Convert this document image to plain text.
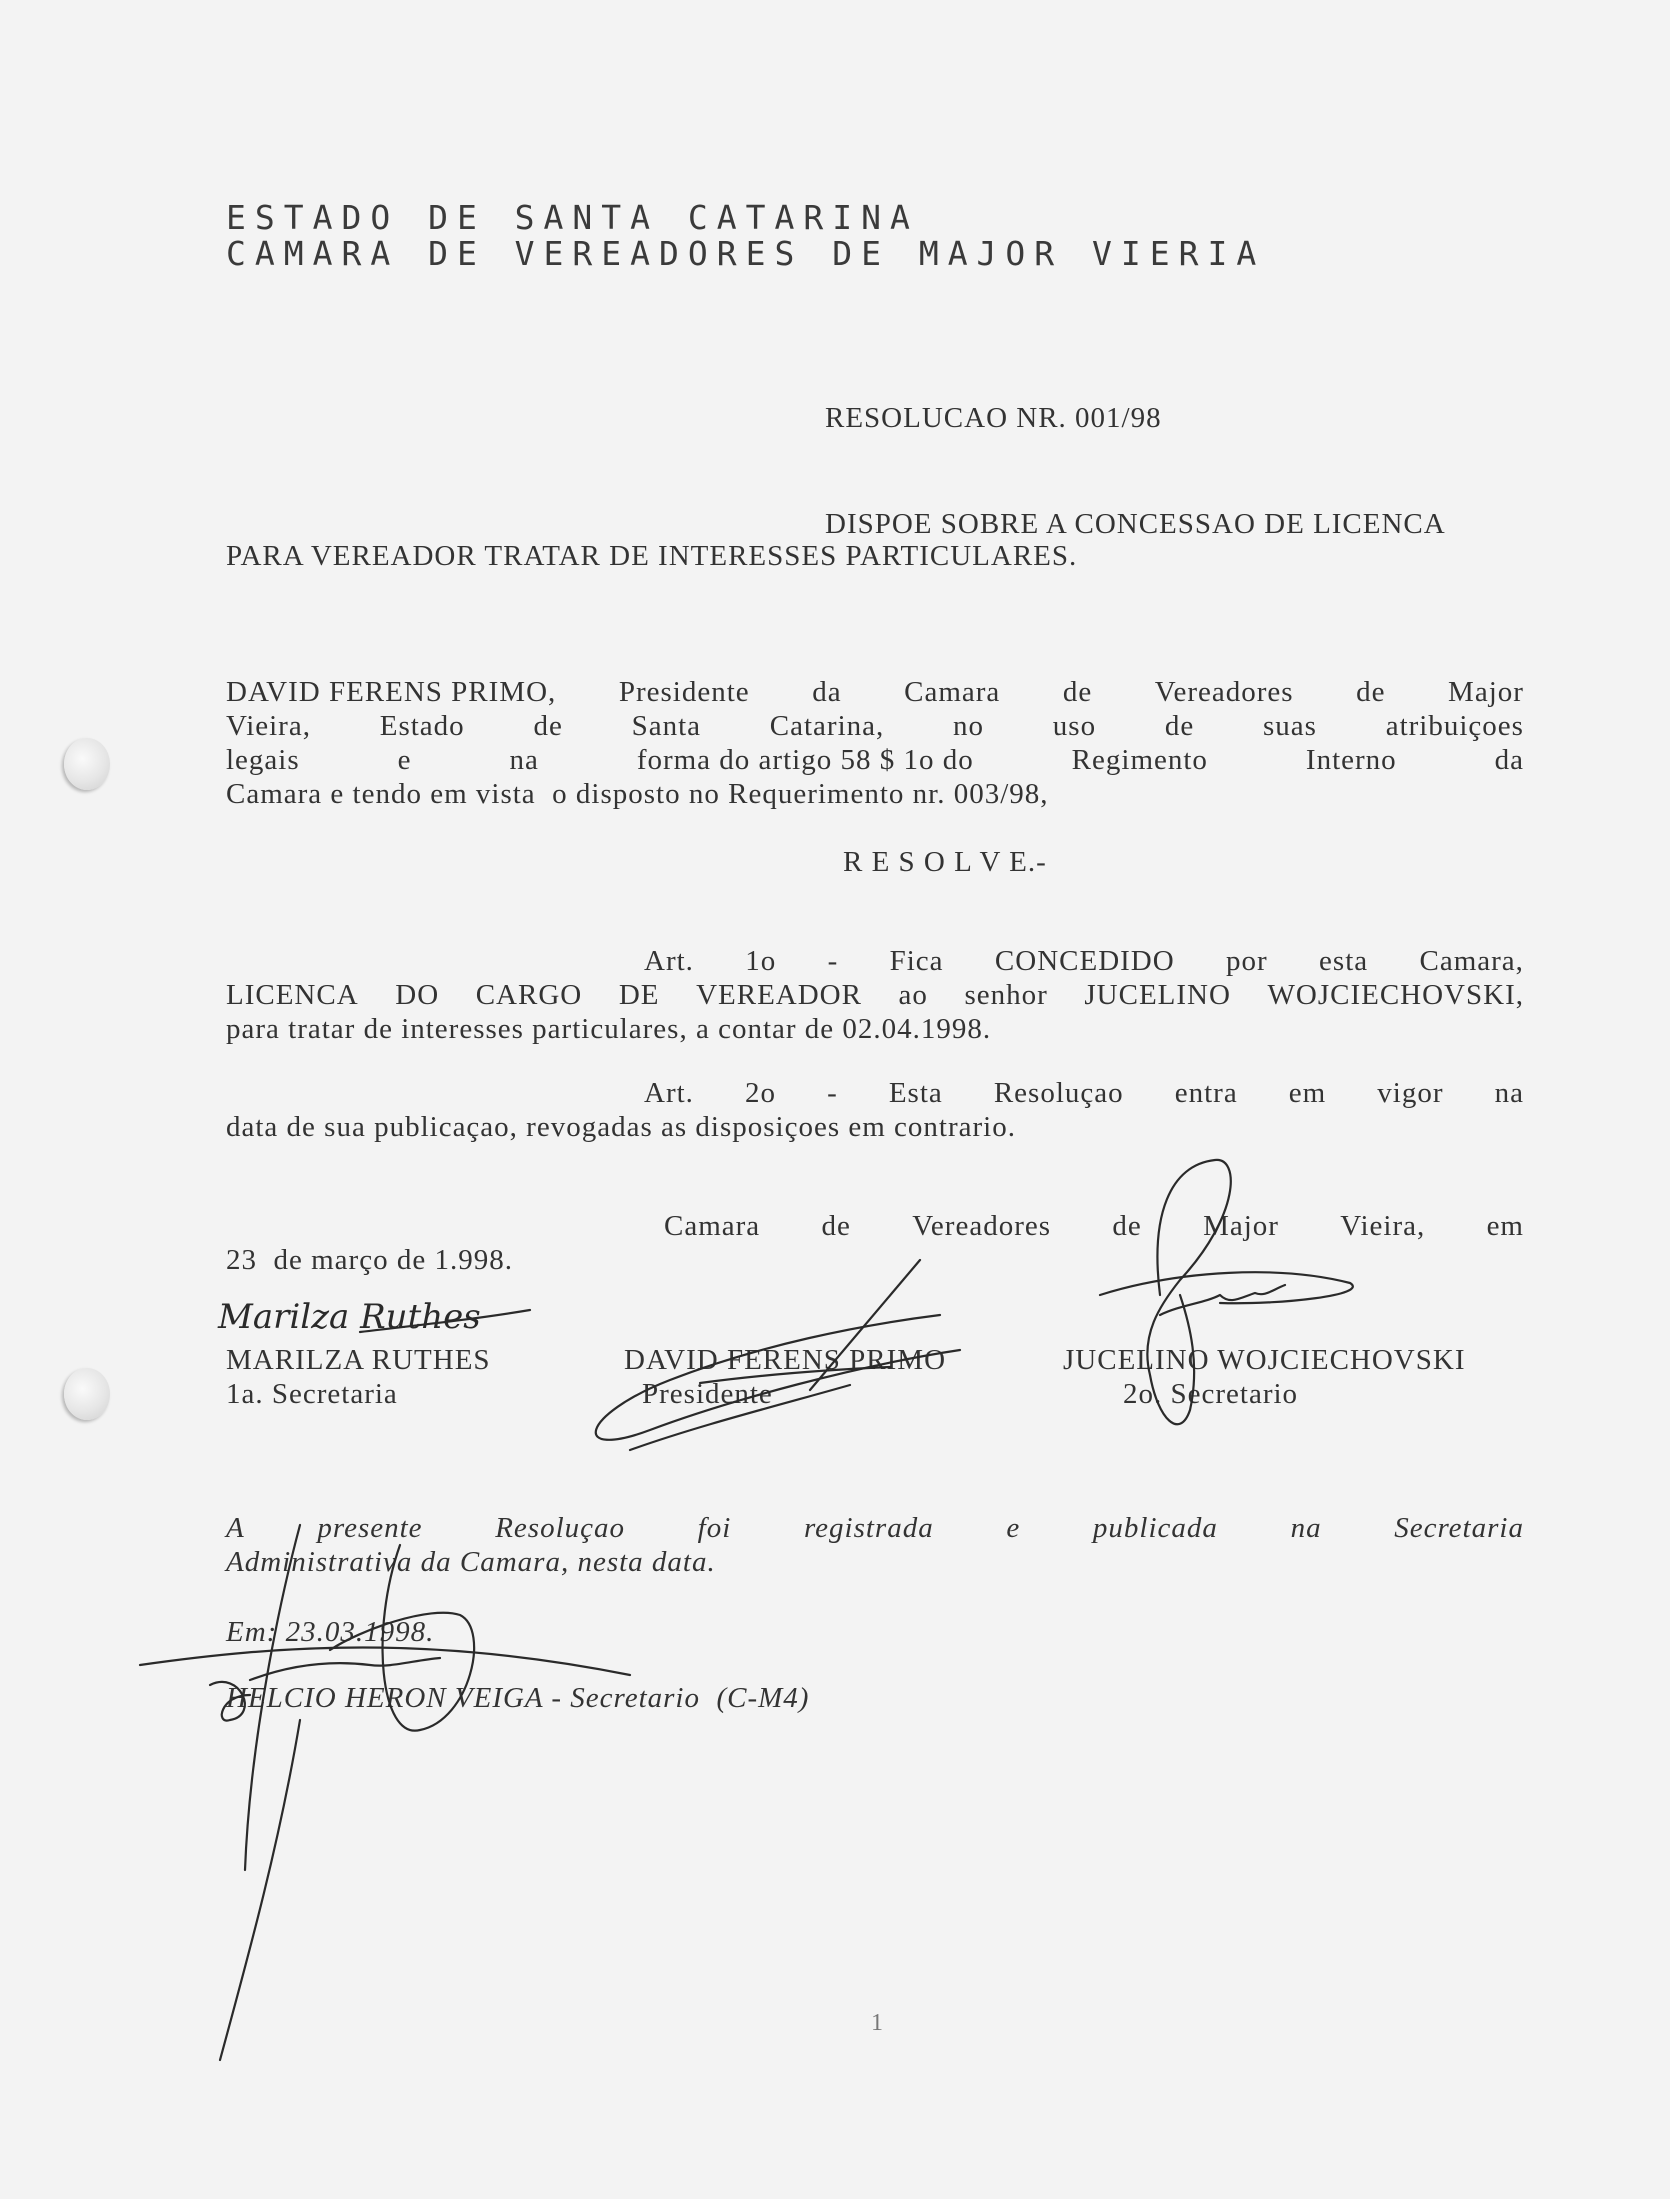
ESTADO DE SANTA CATARINA
CAMARA DE VEREADORES DE MAJOR VIERIA
RESOLUCAO NR. 001/98
DISPOE SOBRE A CONCESSAO DE LICENCA
PARA VEREADOR TRATAR DE INTERESSES PARTICULARES.
DAVID FERENS PRIMO, Presidente da Camara de Vereadores de Major
Vieira, Estado de Santa Catarina, no uso de suas atribuiçoes
legais	e	na	forma do artigo 58 $ 1o do	Regimento	Interno	da
Camara e tendo em vista  o disposto no Requerimento nr. 003/98,
R E S O L V E.-
Art. 1o - Fica CONCEDIDO por esta Camara,
LICENCA DO CARGO DE VEREADOR ao senhor JUCELINO WOJCIECHOVSKI,
para tratar de interesses particulares, a contar de 02.04.1998.
Art. 2o - Esta Resoluçao entra em vigor na
data de sua publicaçao, revogadas as disposiçoes em contrario.
Camara de Vereadores de Major Vieira, em
23  de março de 1.998.
MARILZA RUTHES
1a. Secretaria
DAVID FERENS PRIMO
Presidente
JUCELINO WOJCIECHOVSKI
2o. Secretario
A	presente	Resoluçao	foi	registrada	e	publicada	na	Secretaria
Administrativa da Camara, nesta data.
Em: 23.03.1998.
HELCIO HERON VEIGA - Secretario  (C-M4)
Marilza Ruthes
1
